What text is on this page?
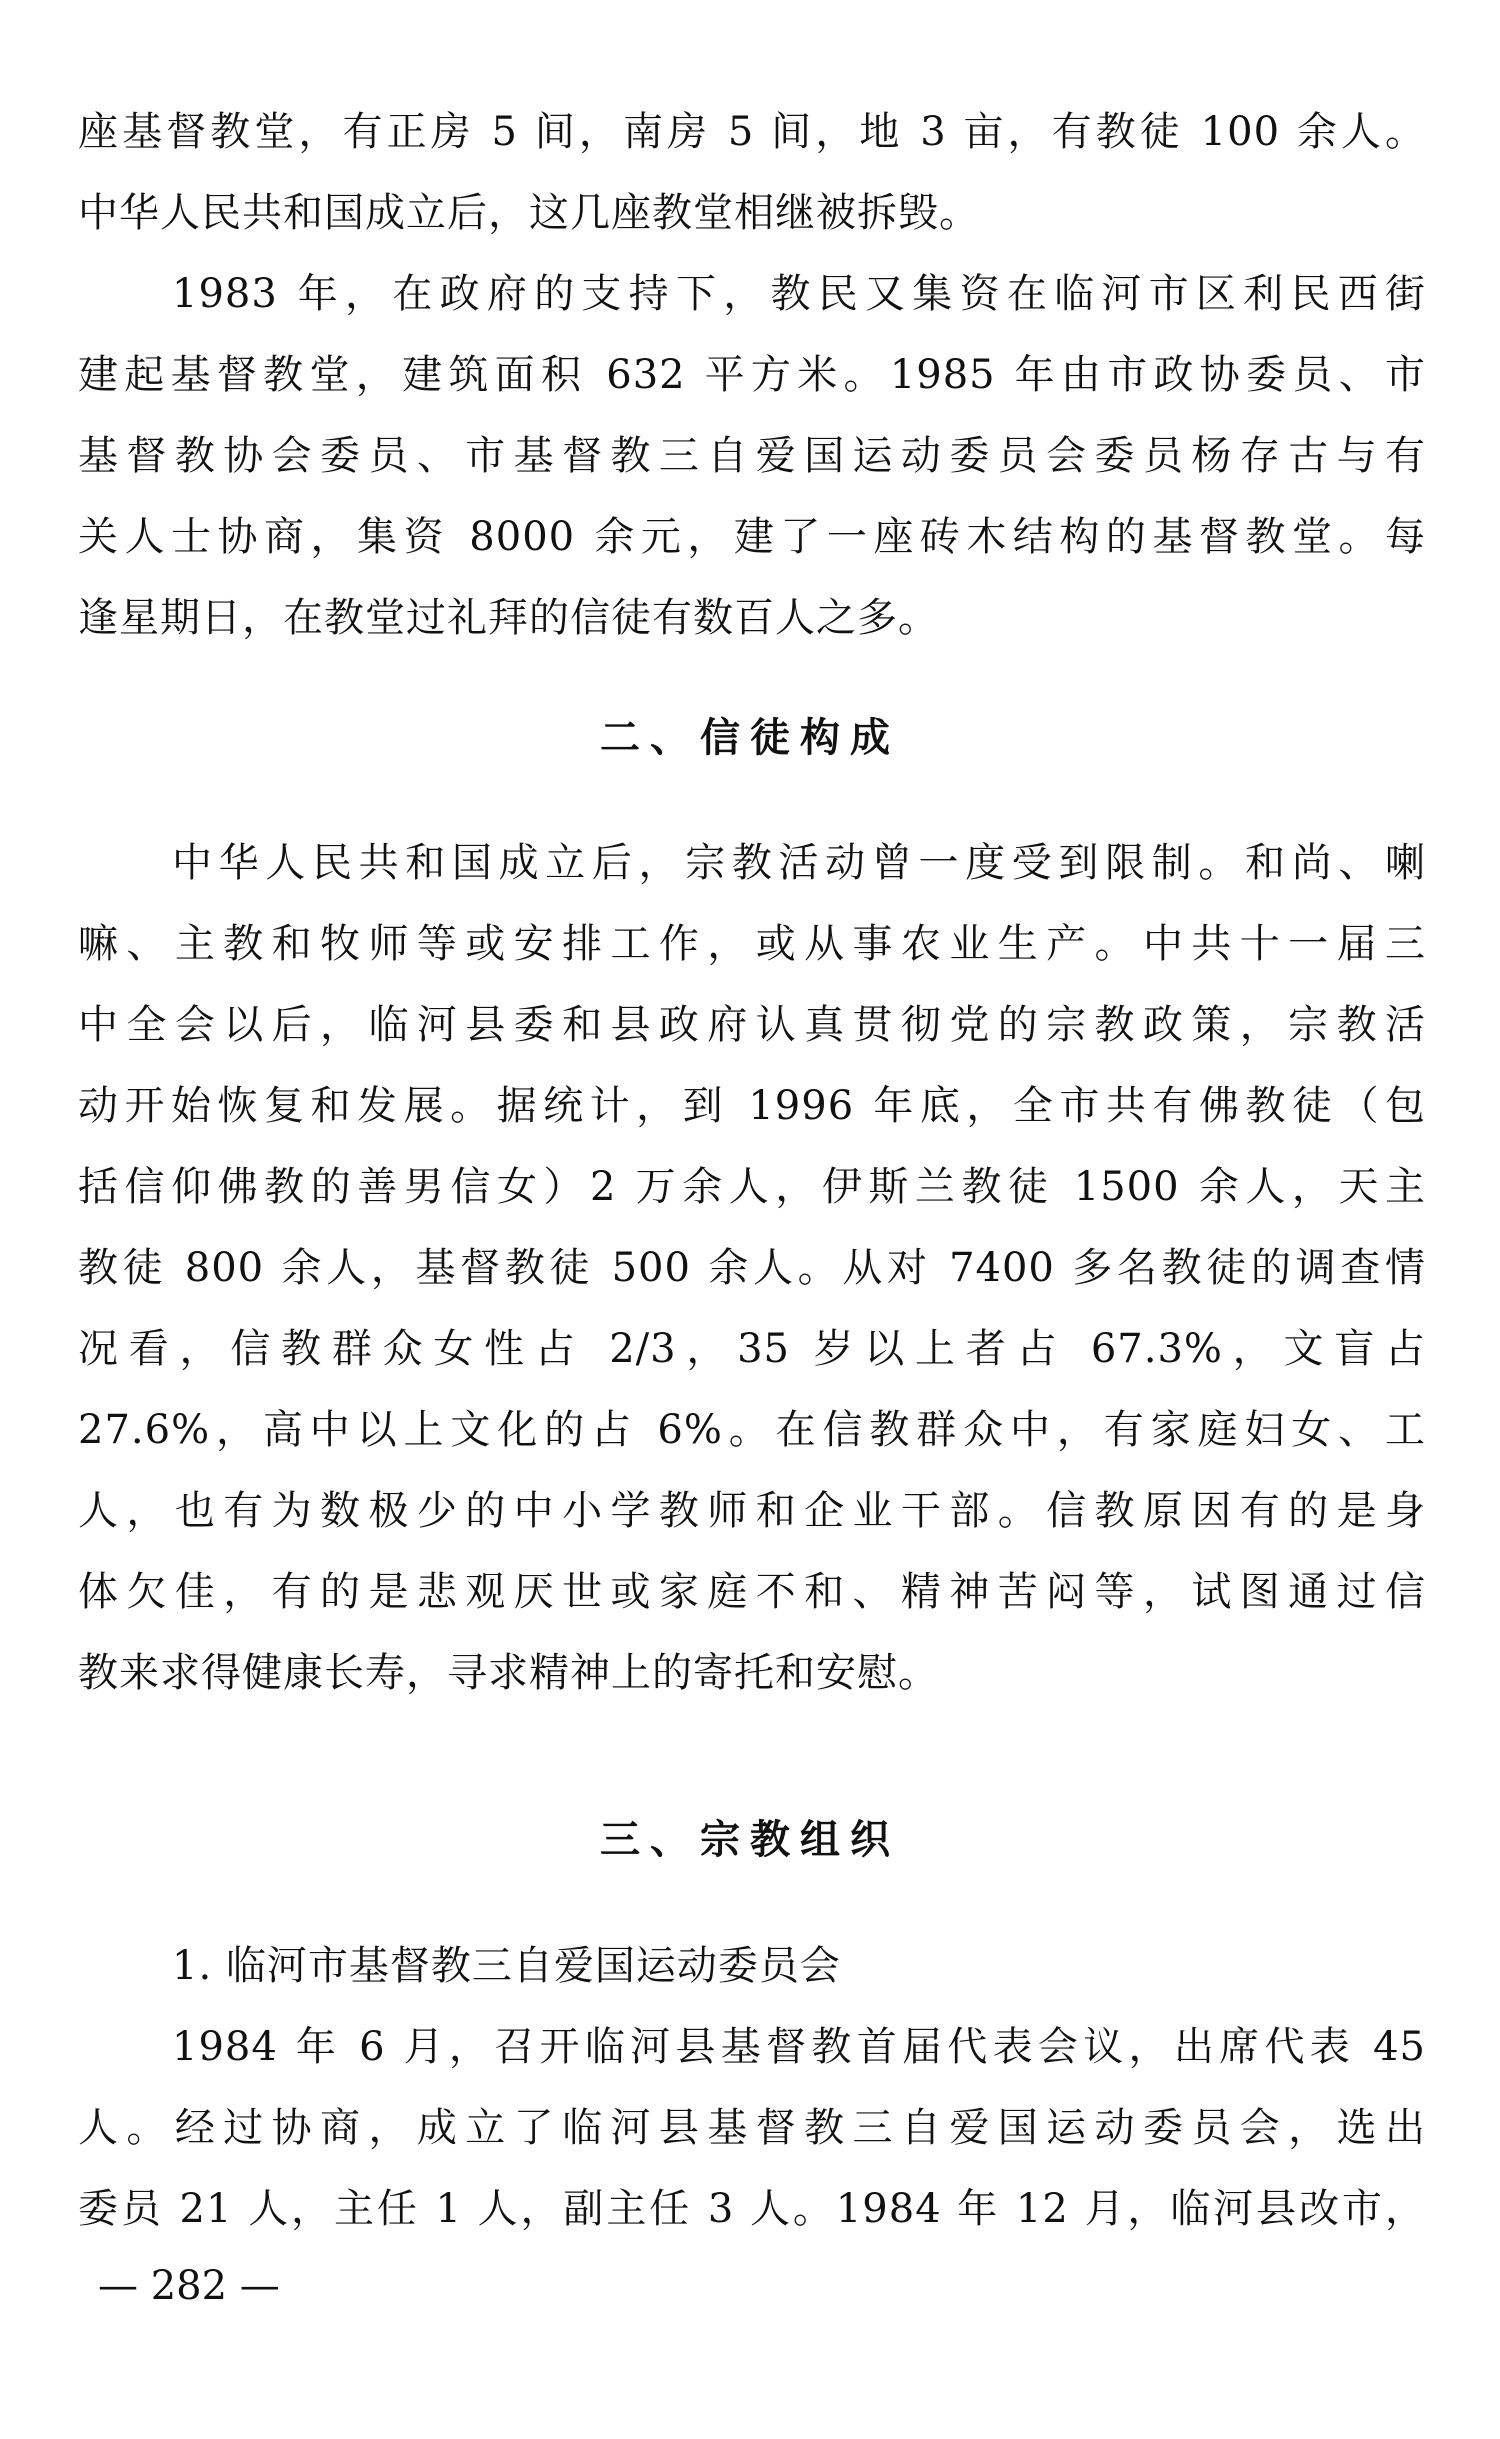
座基督教堂，有正房 5 间，南房 5 间，地 3 亩，有教徒 100 余人。
中华人民共和国成立后，这几座教堂相继被拆毁。
1983 年，在政府的支持下，教民又集资在临河市区利民西街
建起基督教堂，建筑面积 632 平方米。1985 年由市政协委员、市
基督教协会委员、市基督教三自爱国运动委员会委员杨存古与有
关人士协商，集资 8000 余元，建了一座砖木结构的基督教堂。每
逢星期日，在教堂过礼拜的信徒有数百人之多。
二、信徒构成
中华人民共和国成立后，宗教活动曾一度受到限制。和尚、喇
嘛、主教和牧师等或安排工作，或从事农业生产。中共十一届三
中全会以后，临河县委和县政府认真贯彻党的宗教政策，宗教活
动开始恢复和发展。据统计，到 1996 年底，全市共有佛教徒（包
括信仰佛教的善男信女）2 万余人，伊斯兰教徒 1500 余人，天主
教徒 800 余人，基督教徒 500 余人。从对 7400 多名教徒的调查情
况看，信教群众女性占 2/3，35 岁以上者占 67.3%，文盲占
27.6%，高中以上文化的占 6%。在信教群众中，有家庭妇女、工
人，也有为数极少的中小学教师和企业干部。信教原因有的是身
体欠佳，有的是悲观厌世或家庭不和、精神苦闷等，试图通过信
教来求得健康长寿，寻求精神上的寄托和安慰。
三、宗教组织
1. 临河市基督教三自爱国运动委员会
1984 年 6 月，召开临河县基督教首届代表会议，出席代表 45
人。经过协商，成立了临河县基督教三自爱国运动委员会，选出
委员 21 人，主任 1 人，副主任 3 人。1984 年 12 月，临河县改市，
— 282 —
